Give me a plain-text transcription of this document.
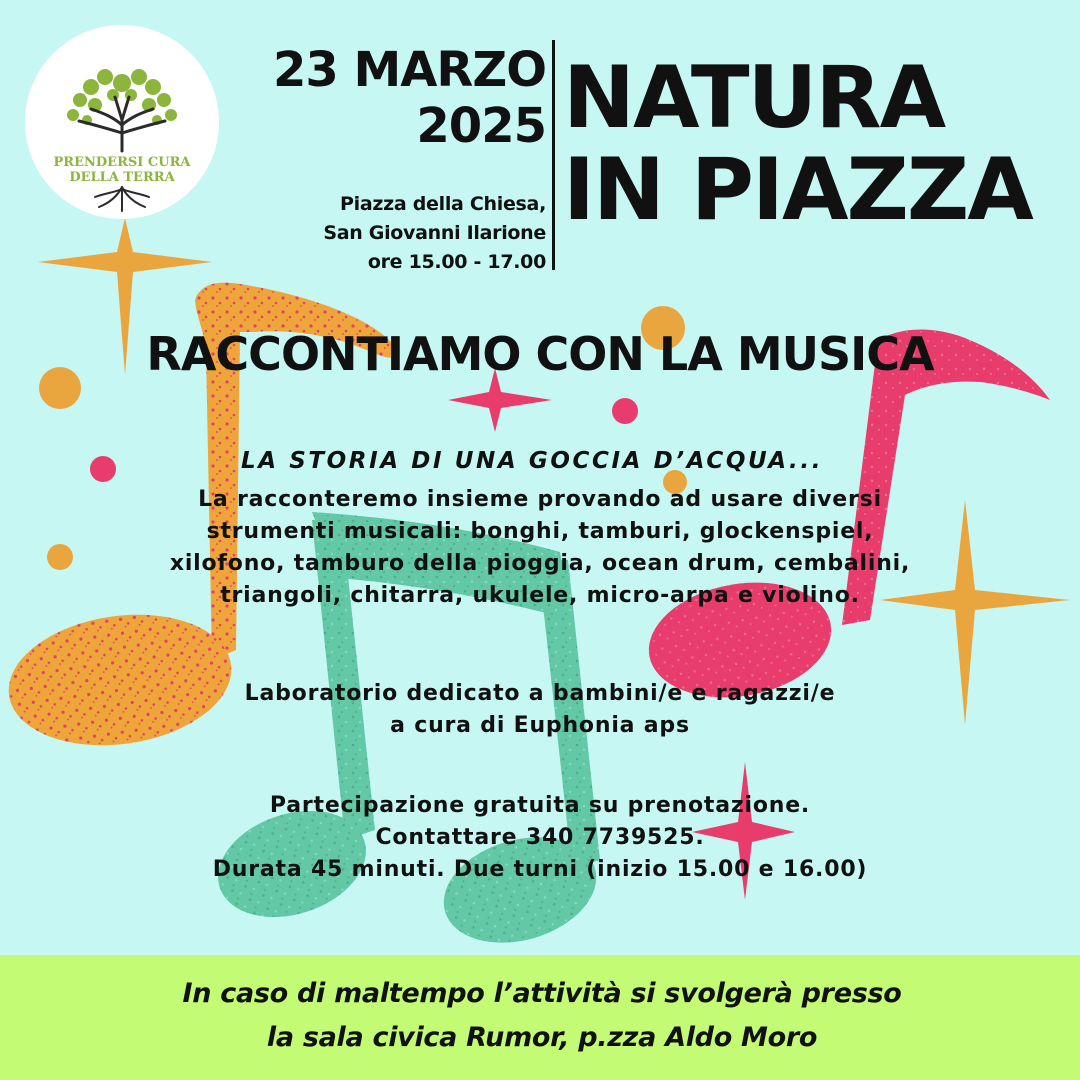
PRENDERSI CURA
DELLA TERRA
23 MARZO
2025
Piazza della Chiesa,
San Giovanni Ilarione
ore 15.00 - 17.00
NATURA
IN PIAZZA
RACCONTIAMO CON LA MUSICA
LA STORIA DI UNA GOCCIA D’ACQUA...
La racconteremo insieme provando ad usare diversi
strumenti musicali: bonghi, tamburi, glockenspiel,
xilofono, tamburo della pioggia, ocean drum, cembalini,
triangoli, chitarra, ukulele, micro-arpa e violino.
Laboratorio dedicato a bambini/e e ragazzi/e
a cura di Euphonia aps
Partecipazione gratuita su prenotazione.
Contattare 340 7739525.
Durata 45 minuti. Due turni (inizio 15.00 e 16.00)
In caso di maltempo l’attività si svolgerà presso
la sala civica Rumor, p.zza Aldo Moro
